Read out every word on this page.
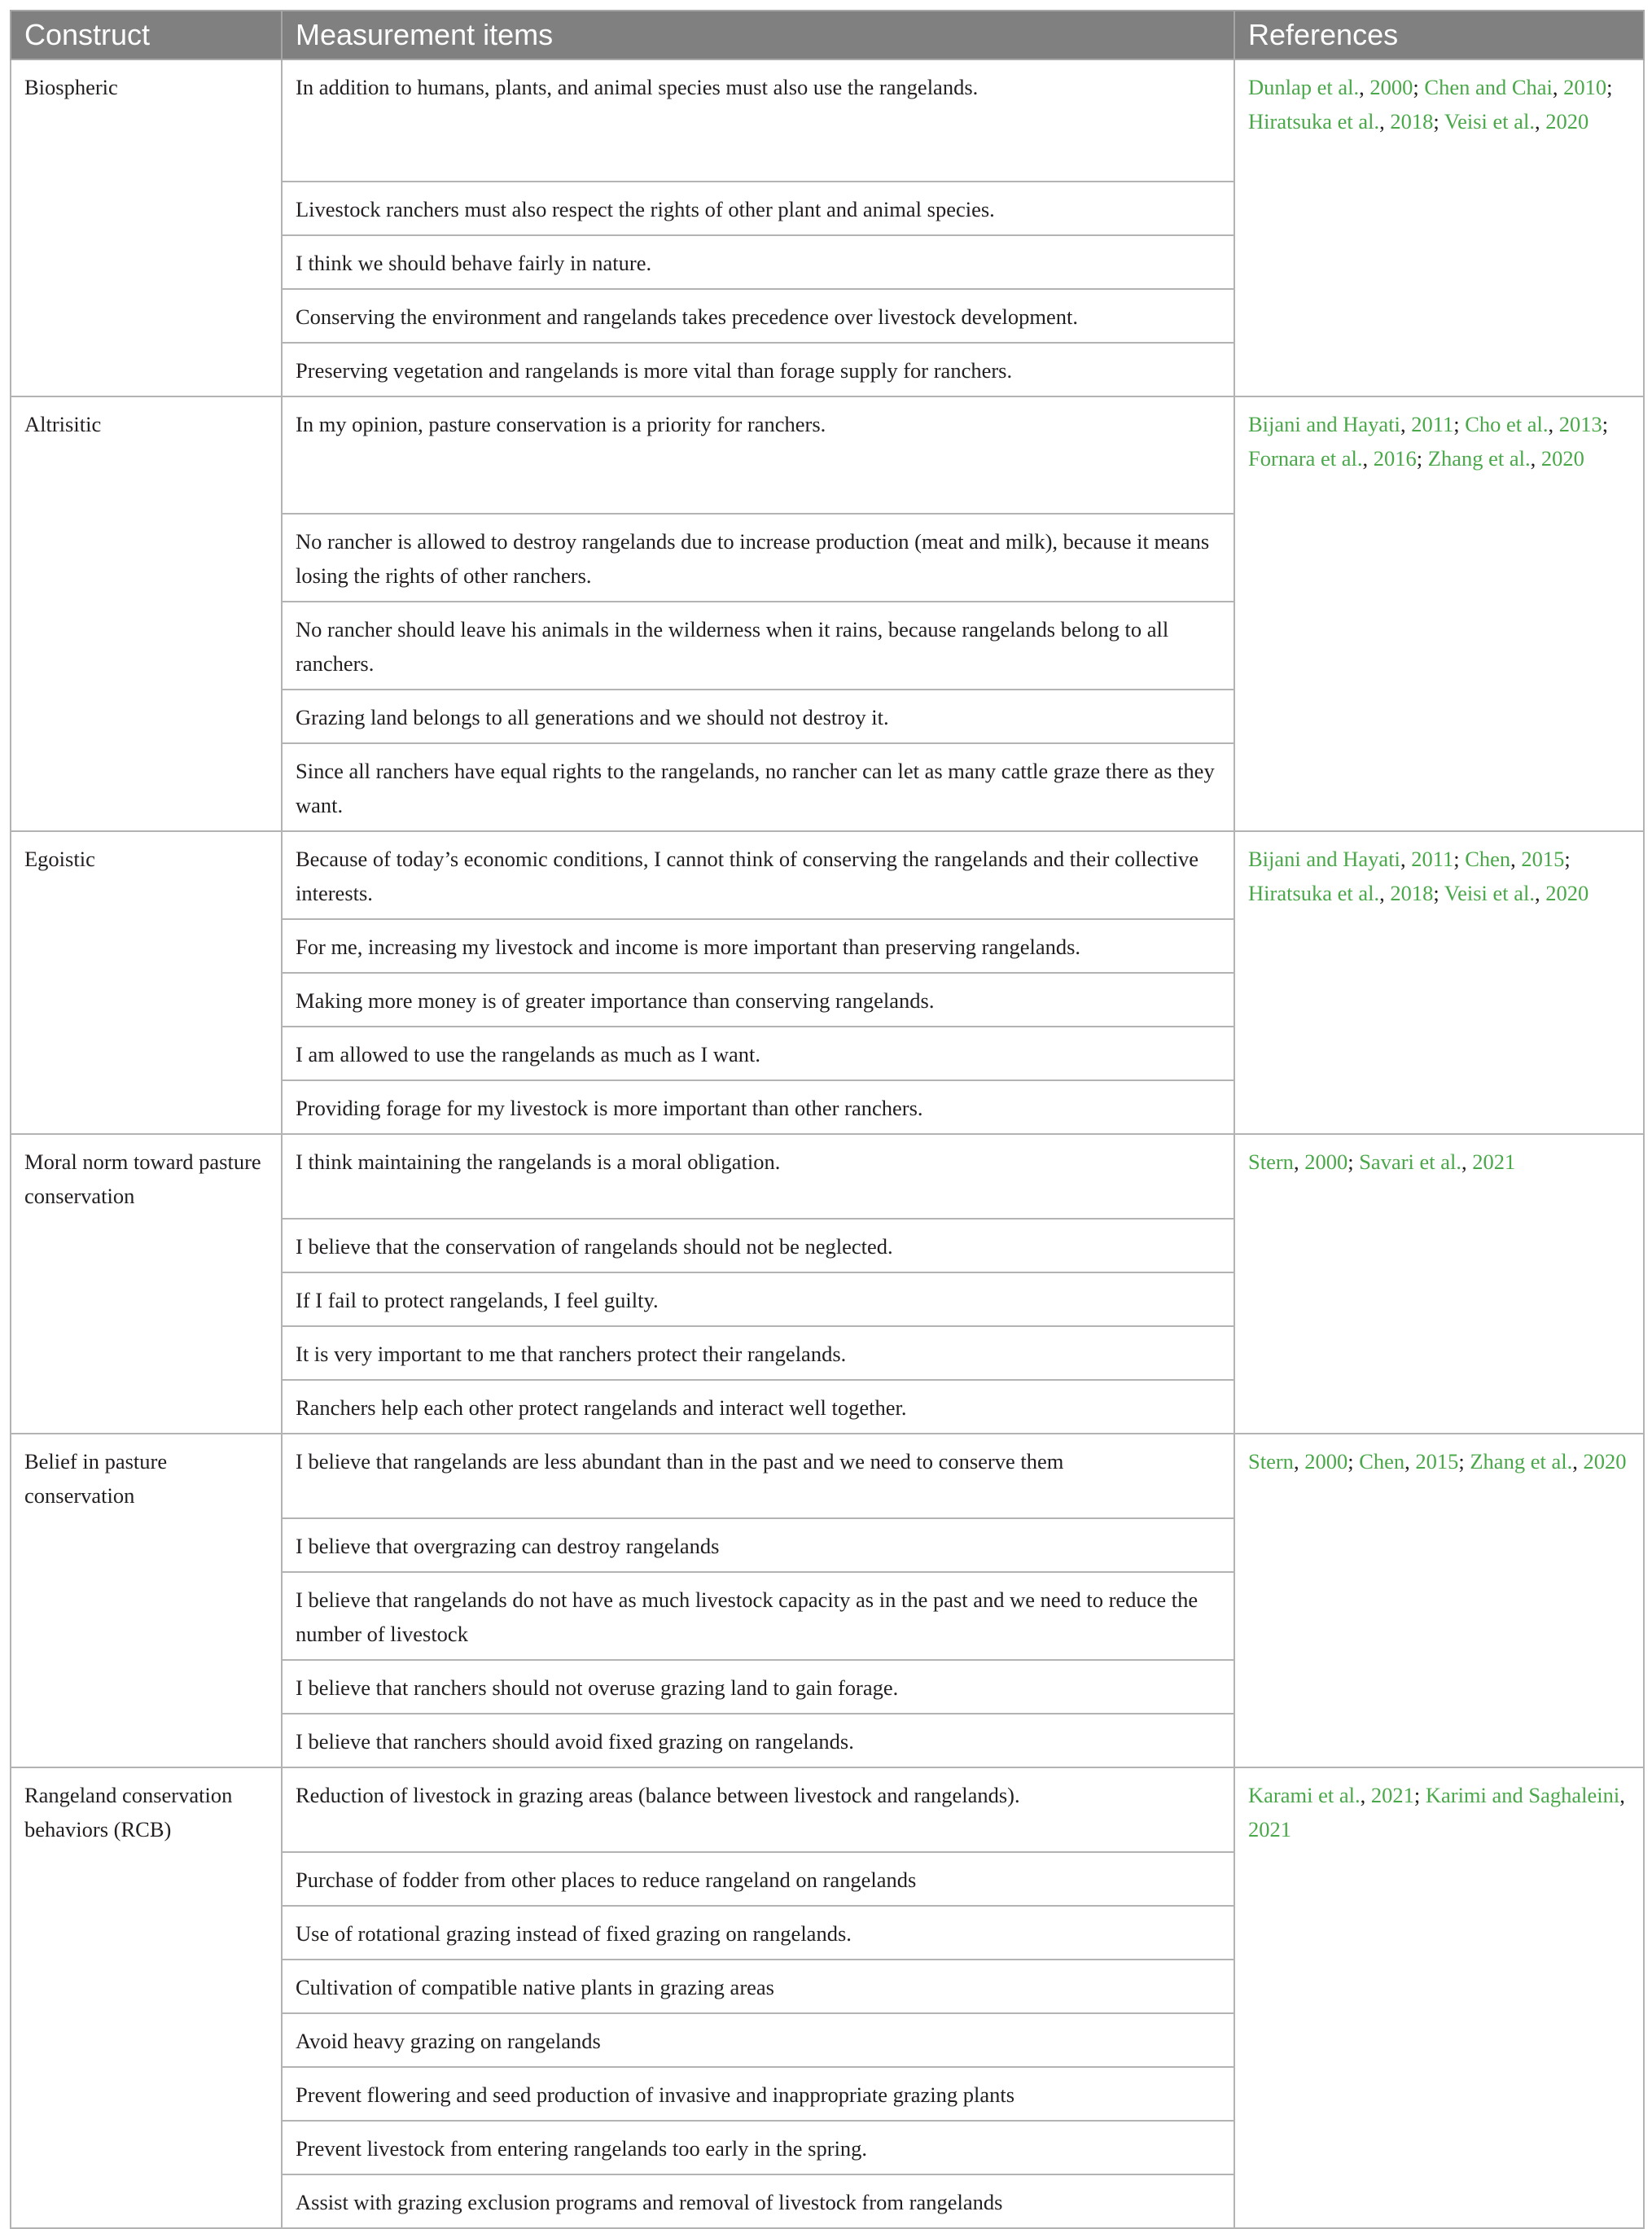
Construct	Measurement items	References
Biospheric	In addition to humans, plants, and animal species must also use the rangelands.	Dunlap et al., 2000; Chen and Chai, 2010; Hiratsuka et al., 2018; Veisi et al., 2020
	Livestock ranchers must also respect the rights of other plant and animal species.	
	I think we should behave fairly in nature.	
	Conserving the environment and rangelands takes precedence over livestock development.	
	Preserving vegetation and rangelands is more vital than forage supply for ranchers.	
Altrisitic	In my opinion, pasture conservation is a priority for ranchers.	Bijani and Hayati, 2011; Cho et al., 2013; Fornara et al., 2016; Zhang et al., 2020
	No rancher is allowed to destroy rangelands due to increase production (meat and milk), because it means losing the rights of other ranchers.	
	No rancher should leave his animals in the wilderness when it rains, because rangelands belong to all ranchers.	
	Grazing land belongs to all generations and we should not destroy it.	
	Since all ranchers have equal rights to the rangelands, no rancher can let as many cattle graze there as they want.	
Egoistic	Because of today’s economic conditions, I cannot think of conserving the rangelands and their collective interests.	Bijani and Hayati, 2011; Chen, 2015; Hiratsuka et al., 2018; Veisi et al., 2020
	For me, increasing my livestock and income is more important than preserving rangelands.	
	Making more money is of greater importance than conserving rangelands.	
	I am allowed to use the rangelands as much as I want.	
	Providing forage for my livestock is more important than other ranchers.	
Moral norm toward pasture conservation	I think maintaining the rangelands is a moral obligation.	Stern, 2000; Savari et al., 2021
	I believe that the conservation of rangelands should not be neglected.	
	If I fail to protect rangelands, I feel guilty.	
	It is very important to me that ranchers protect their rangelands.	
	Ranchers help each other protect rangelands and interact well together.	
Belief in pasture conservation	I believe that rangelands are less abundant than in the past and we need to conserve them	Stern, 2000; Chen, 2015; Zhang et al., 2020
	I believe that overgrazing can destroy rangelands	
	I believe that rangelands do not have as much livestock capacity as in the past and we need to reduce the number of livestock	
	I believe that ranchers should not overuse grazing land to gain forage.	
	I believe that ranchers should avoid fixed grazing on rangelands.	
Rangeland conservation behaviors (RCB)	Reduction of livestock in grazing areas (balance between livestock and rangelands).	Karami et al., 2021; Karimi and Saghaleini, 2021
	Purchase of fodder from other places to reduce rangeland on rangelands	
	Use of rotational grazing instead of fixed grazing on rangelands.	
	Cultivation of compatible native plants in grazing areas	
	Avoid heavy grazing on rangelands	
	Prevent flowering and seed production of invasive and inappropriate grazing plants	
	Prevent livestock from entering rangelands too early in the spring.	
	Assist with grazing exclusion programs and removal of livestock from rangelands	
